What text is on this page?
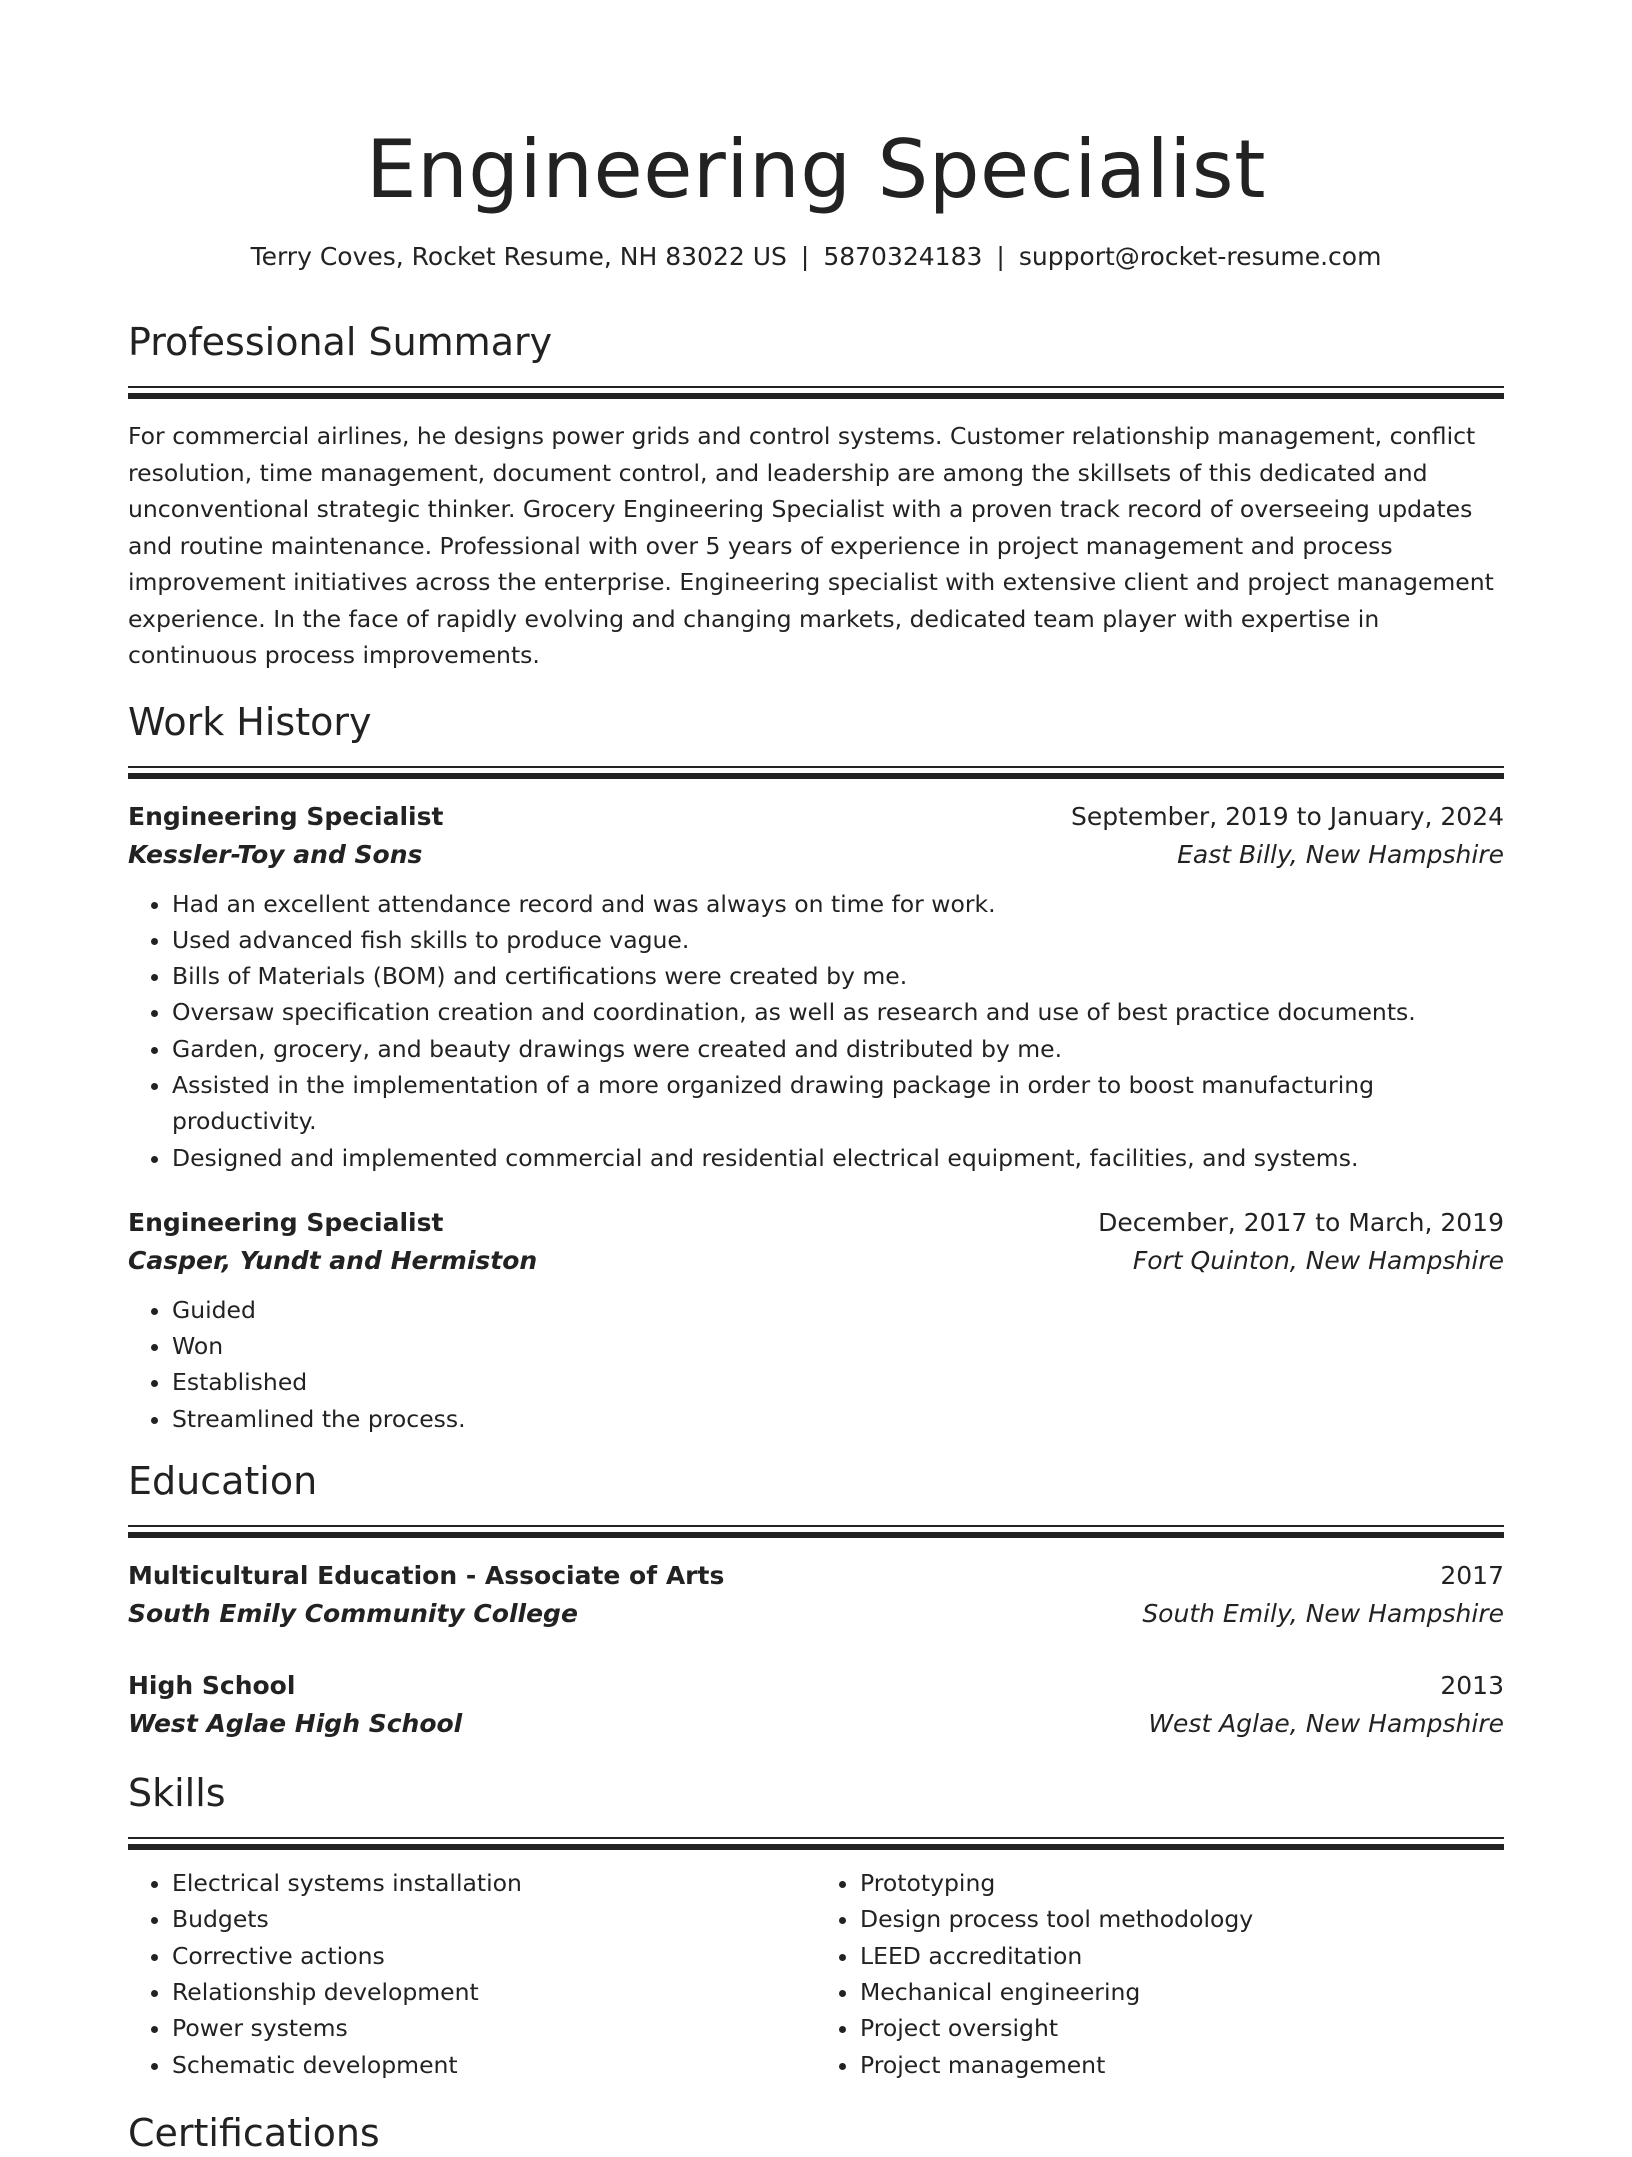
Engineering Specialist
Terry Coves, Rocket Resume, NH 83022 US | 5870324183 | support@rocket-resume.com
Professional Summary

For commercial airlines, he designs power grids and control systems. Customer relationship management, conflict resolution, time management, document control, and leadership are among the skillsets of this dedicated and unconventional strategic thinker. Grocery Engineering Specialist with a proven track record of overseeing updates and routine maintenance. Professional with over 5 years of experience in project management and process improvement initiatives across the enterprise. Engineering specialist with extensive client and project management experience. In the face of rapidly evolving and changing markets, dedicated team player with expertise in continuous process improvements.

Work History
Engineering Specialist	September, 2019 to January, 2024
Kessler-Toy and Sons	East Billy, New Hampshire
• Had an excellent attendance record and was always on time for work.
• Used advanced fish skills to produce vague.
• Bills of Materials (BOM) and certifications were created by me.
• Oversaw specification creation and coordination, as well as research and use of best practice documents.
• Garden, grocery, and beauty drawings were created and distributed by me.
• Assisted in the implementation of a more organized drawing package in order to boost manufacturing productivity.
• Designed and implemented commercial and residential electrical equipment, facilities, and systems.
Engineering Specialist	December, 2017 to March, 2019
Casper, Yundt and Hermiston	Fort Quinton, New Hampshire
• Guided
• Won
• Established
• Streamlined the process.
Education
Multicultural Education - Associate of Arts	2017
South Emily Community College	South Emily, New Hampshire
High School	2013
West Aglae High School	West Aglae, New Hampshire
Skills
• Electrical systems installation
• Budgets
• Corrective actions
• Relationship development
• Power systems
• Schematic development
• Prototyping
• Design process tool methodology
• LEED accreditation
• Mechanical engineering
• Project oversight
• Project management
Certifications
